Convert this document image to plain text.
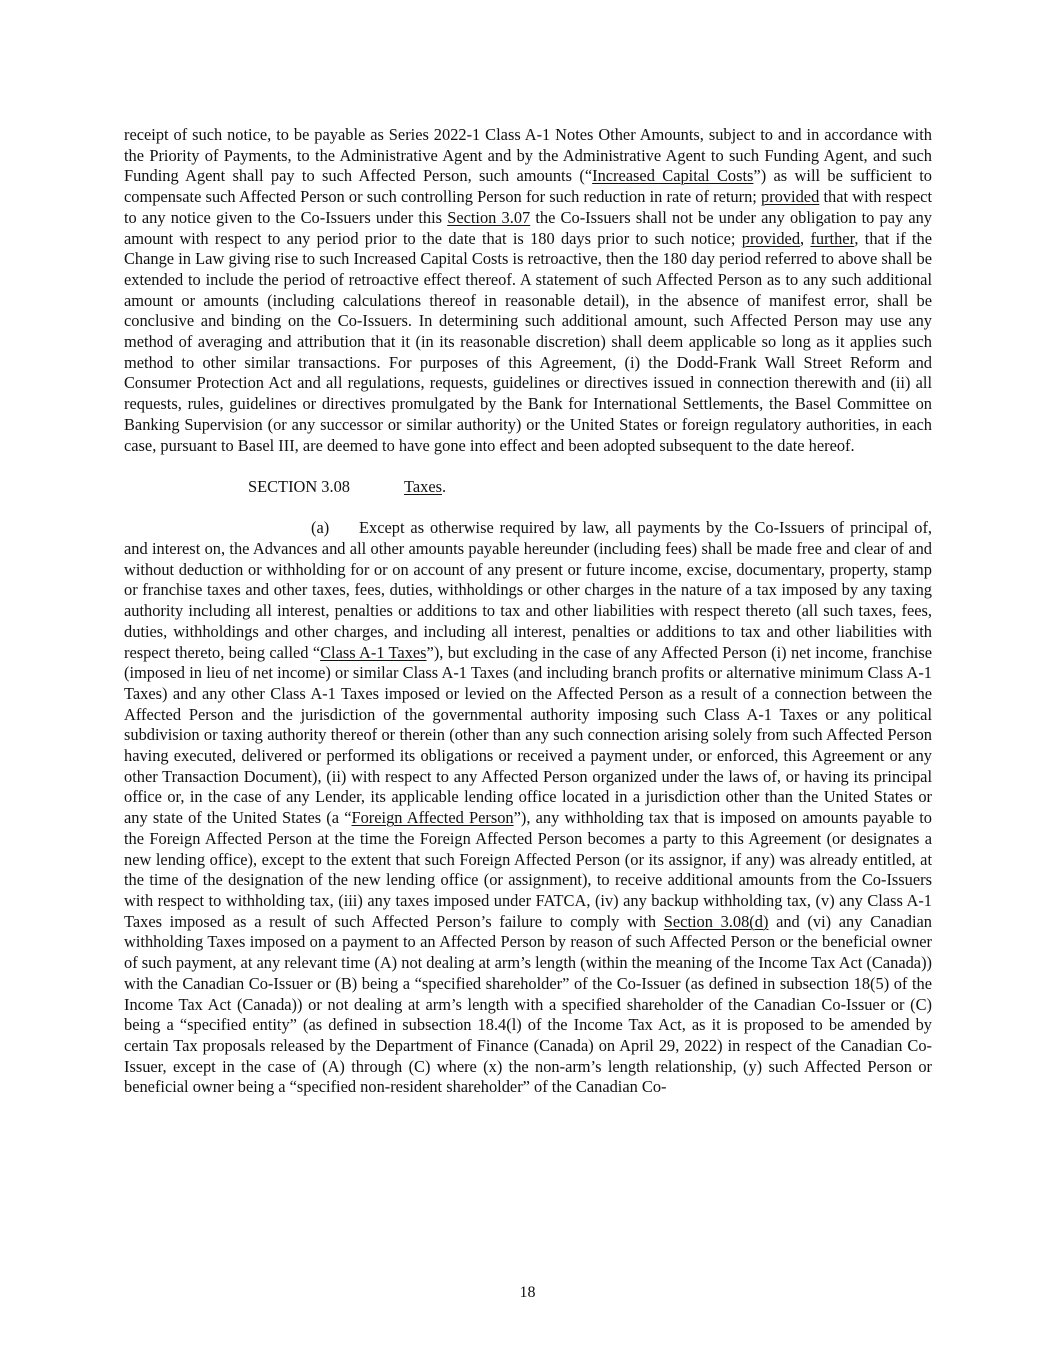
receipt of such notice, to be payable as Series 2022-1 Class A-1 Notes Other Amounts, subject to and in accordance with the Priority of Payments, to the Administrative Agent and by the Administrative Agent to such Funding Agent, and such Funding Agent shall pay to such Affected Person, such amounts (“Increased Capital Costs”) as will be sufficient to compensate such Affected Person or such controlling Person for such reduction in rate of return; provided that with respect to any notice given to the Co-Issuers under this Section 3.07 the Co-Issuers shall not be under any obligation to pay any amount with respect to any period prior to the date that is 180 days prior to such notice; provided, further, that if the Change in Law giving rise to such Increased Capital Costs is retroactive, then the 180 day period referred to above shall be extended to include the period of retroactive effect thereof. A statement of such Affected Person as to any such additional amount or amounts (including calculations thereof in reasonable detail), in the absence of manifest error, shall be conclusive and binding on the Co-Issuers. In determining such additional amount, such Affected Person may use any method of averaging and attribution that it (in its reasonable discretion) shall deem applicable so long as it applies such method to other similar transactions. For purposes of this Agreement, (i) the Dodd-Frank Wall Street Reform and Consumer Protection Act and all regulations, requests, guidelines or directives issued in connection therewith and (ii) all requests, rules, guidelines or directives promulgated by the Bank for International Settlements, the Basel Committee on Banking Supervision (or any successor or similar authority) or the United States or foreign regulatory authorities, in each case, pursuant to Basel III, are deemed to have gone into effect and been adopted subsequent to the date hereof.

SECTION 3.08	Taxes.

(a) Except as otherwise required by law, all payments by the Co-Issuers of principal of, and interest on, the Advances and all other amounts payable hereunder (including fees) shall be made free and clear of and without deduction or withholding for or on account of any present or future income, excise, documentary, property, stamp or franchise taxes and other taxes, fees, duties, withholdings or other charges in the nature of a tax imposed by any taxing authority including all interest, penalties or additions to tax and other liabilities with respect thereto (all such taxes, fees, duties, withholdings and other charges, and including all interest, penalties or additions to tax and other liabilities with respect thereto, being called “Class A-1 Taxes”), but excluding in the case of any Affected Person (i) net income, franchise (imposed in lieu of net income) or similar Class A-1 Taxes (and including branch profits or alternative minimum Class A-1 Taxes) and any other Class A-1 Taxes imposed or levied on the Affected Person as a result of a connection between the Affected Person and the jurisdiction of the governmental authority imposing such Class A-1 Taxes or any political subdivision or taxing authority thereof or therein (other than any such connection arising solely from such Affected Person having executed, delivered or performed its obligations or received a payment under, or enforced, this Agreement or any other Transaction Document), (ii) with respect to any Affected Person organized under the laws of, or having its principal office or, in the case of any Lender, its applicable lending office located in a jurisdiction other than the United States or any state of the United States (a “Foreign Affected Person”), any withholding tax that is imposed on amounts payable to the Foreign Affected Person at the time the Foreign Affected Person becomes a party to this Agreement (or designates a new lending office), except to the extent that such Foreign Affected Person (or its assignor, if any) was already entitled, at the time of the designation of the new lending office (or assignment), to receive additional amounts from the Co-Issuers with respect to withholding tax, (iii) any taxes imposed under FATCA, (iv) any backup withholding tax, (v) any Class A-1 Taxes imposed as a result of such Affected Person’s failure to comply with Section 3.08(d) and (vi) any Canadian withholding Taxes imposed on a payment to an Affected Person by reason of such Affected Person or the beneficial owner of such payment, at any relevant time (A) not dealing at arm’s length (within the meaning of the Income Tax Act (Canada)) with the Canadian Co-Issuer or (B) being a “specified shareholder” of the Co-Issuer (as defined in subsection 18(5) of the Income Tax Act (Canada)) or not dealing at arm’s length with a specified shareholder of the Canadian Co-Issuer or (C) being a “specified entity” (as defined in subsection 18.4(l) of the Income Tax Act, as it is proposed to be amended by certain Tax proposals released by the Department of Finance (Canada) on April 29, 2022) in respect of the Canadian Co-Issuer, except in the case of (A) through (C) where (x) the non-arm’s length relationship, (y) such Affected Person or beneficial owner being a “specified non-resident shareholder” of the Canadian Co-

18
